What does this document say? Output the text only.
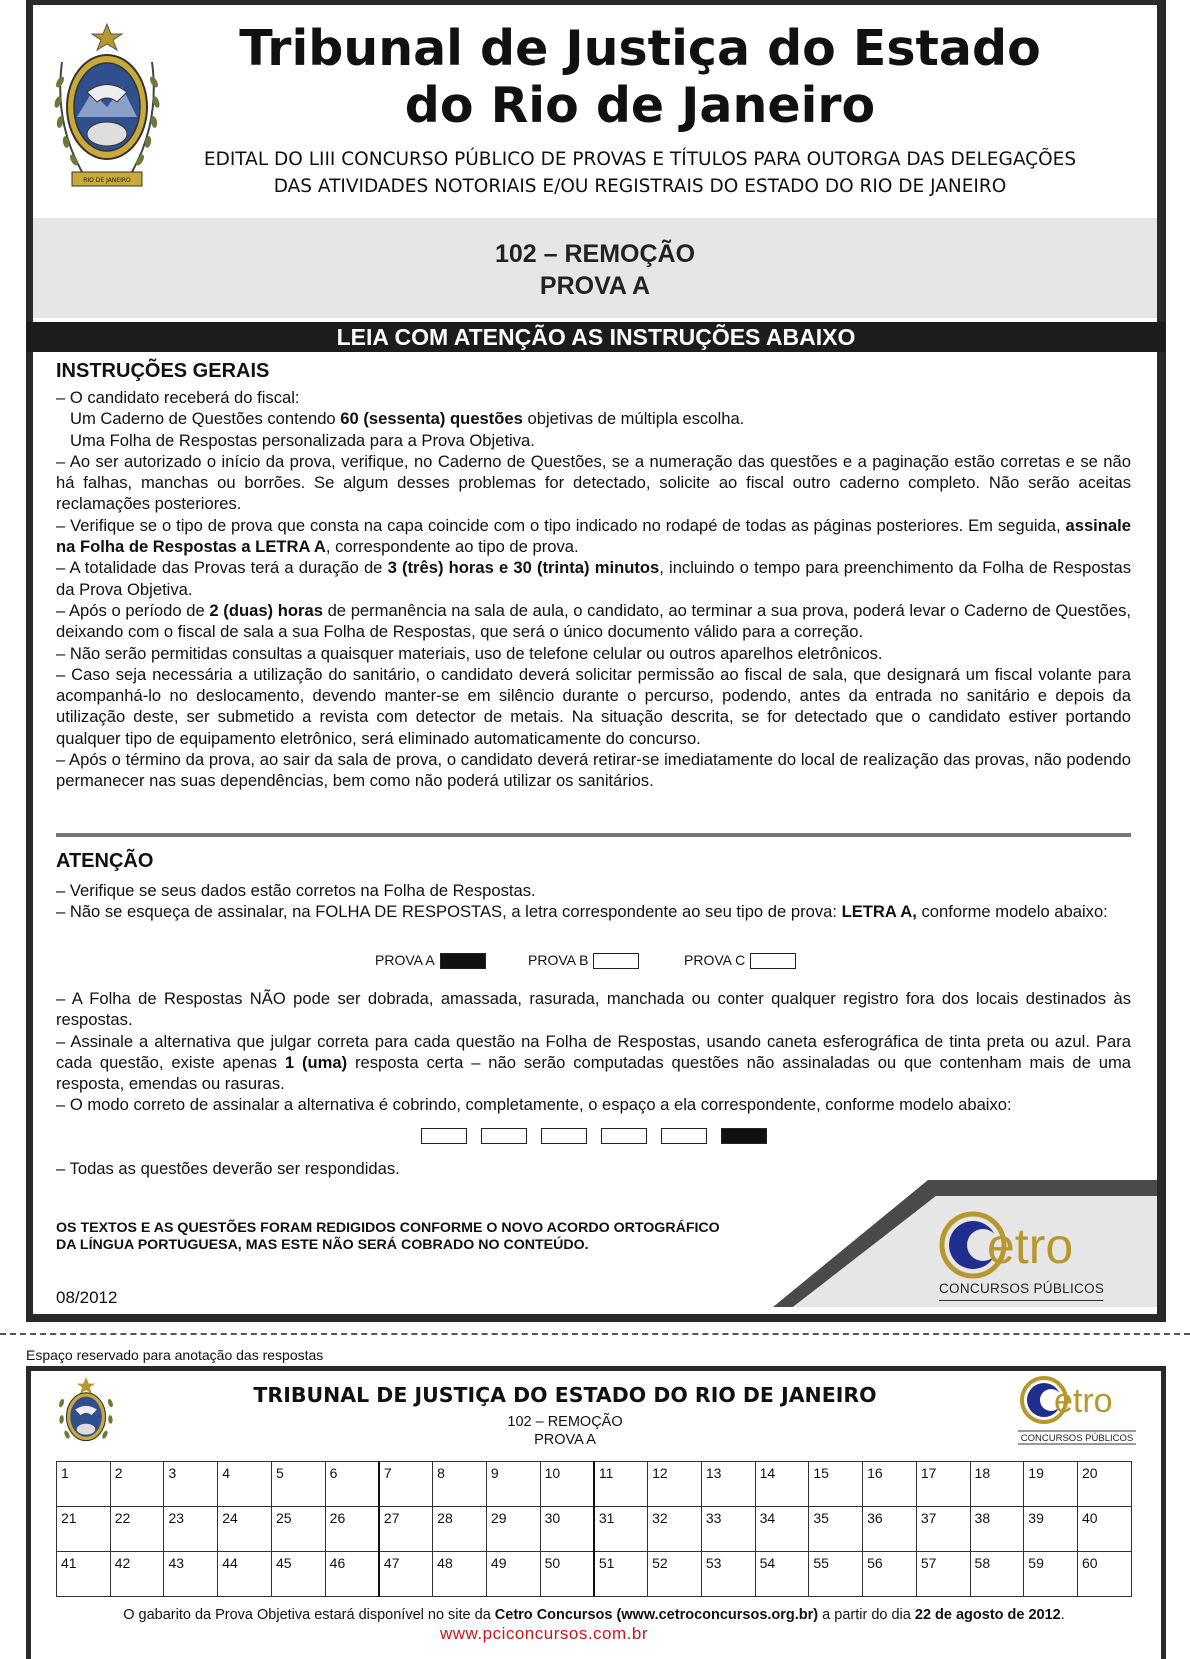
RIO DE JANEIRO
Tribunal de Justiça do Estado
do Rio de Janeiro
EDITAL DO LIII CONCURSO PÚBLICO DE PROVAS E TÍTULOS PARA OUTORGA DAS DELEGAÇÕES
DAS ATIVIDADES NOTORIAIS E/OU REGISTRAIS DO ESTADO DO RIO DE JANEIRO
102 – REMOÇÃO
PROVA A
LEIA COM ATENÇÃO AS INSTRUÇÕES ABAIXO
INSTRUÇÕES GERAIS

– O candidato receberá do fiscal:

Um Caderno de Questões contendo 60 (sessenta) questões objetivas de múltipla escolha.

Uma Folha de Respostas personalizada para a Prova Objetiva.

– Ao ser autorizado o início da prova, verifique, no Caderno de Questões, se a numeração das questões e a paginação estão corretas e se não há falhas, manchas ou borrões. Se algum desses problemas for detectado, solicite ao fiscal outro caderno completo. Não serão aceitas reclamações posteriores.

– Verifique se o tipo de prova que consta na capa coincide com o tipo indicado no rodapé de todas as páginas posteriores. Em seguida, assinale na Folha de Respostas a LETRA A, correspondente ao tipo de prova.

– A totalidade das Provas terá a duração de 3 (três) horas e 30 (trinta) minutos, incluindo o tempo para preenchimento da Folha de Respostas da Prova Objetiva.

– Após o período de 2 (duas) horas de permanência na sala de aula, o candidato, ao terminar a sua prova, poderá levar o Caderno de Questões, deixando com o fiscal de sala a sua Folha de Respostas, que será o único documento válido para a correção.

– Não serão permitidas consultas a quaisquer materiais, uso de telefone celular ou outros aparelhos eletrônicos.

– Caso seja necessária a utilização do sanitário, o candidato deverá solicitar permissão ao fiscal de sala, que designará um fiscal volante para acompanhá-lo no deslocamento, devendo manter-se em silêncio durante o percurso, podendo, antes da entrada no sanitário e depois da utilização deste, ser submetido a revista com detector de metais. Na situação descrita, se for detectado que o candidato estiver portando qualquer tipo de equipamento eletrônico, será eliminado automaticamente do concurso.

– Após o término da prova, ao sair da sala de prova, o candidato deverá retirar-se imediatamente do local de realização das provas, não podendo permanecer nas suas dependências, bem como não poderá utilizar os sanitários.

ATENÇÃO

– Verifique se seus dados estão corretos na Folha de Respostas.

– Não se esqueça de assinalar, na FOLHA DE RESPOSTAS, a letra correspondente ao seu tipo de prova: LETRA A, conforme modelo abaixo:

PROVA A	PROVA B	PROVA C

– A Folha de Respostas NÃO pode ser dobrada, amassada, rasurada, manchada ou conter qualquer registro fora dos locais destinados às respostas.

– Assinale a alternativa que julgar correta para cada questão na Folha de Respostas, usando caneta esferográfica de tinta preta ou azul. Para cada questão, existe apenas 1 (uma) resposta certa – não serão computadas questões não assinaladas ou que contenham mais de uma resposta, emendas ou rasuras.

– O modo correto de assinalar a alternativa é cobrindo, completamente, o espaço a ela correspondente, conforme modelo abaixo:

– Todas as questões deverão ser respondidas.

OS TEXTOS E AS QUESTÕES FORAM REDIGIDOS CONFORME O NOVO ACORDO ORTOGRÁFICO
DA LÍNGUA PORTUGUESA, MAS ESTE NÃO SERÁ COBRADO NO CONTEÚDO.
08/2012
etro
CONCURSOS PÚBLICOS
Espaço reservado para anotação das respostas
TRIBUNAL DE JUSTIÇA DO ESTADO DO RIO DE JANEIRO
102 – REMOÇÃO
PROVA A
etro
CONCURSOS PÚBLICOS
1	2	3	4	5	6	7	8	9	10	11	12	13	14	15	16	17	18	19	20
21	22	23	24	25	26	27	28	29	30	31	32	33	34	35	36	37	38	39	40
41	42	43	44	45	46	47	48	49	50	51	52	53	54	55	56	57	58	59	60
O gabarito da Prova Objetiva estará disponível no site da Cetro Concursos (www.cetroconcursos.org.br) a partir do dia 22 de agosto de 2012.
www.pciconcursos.com.br
